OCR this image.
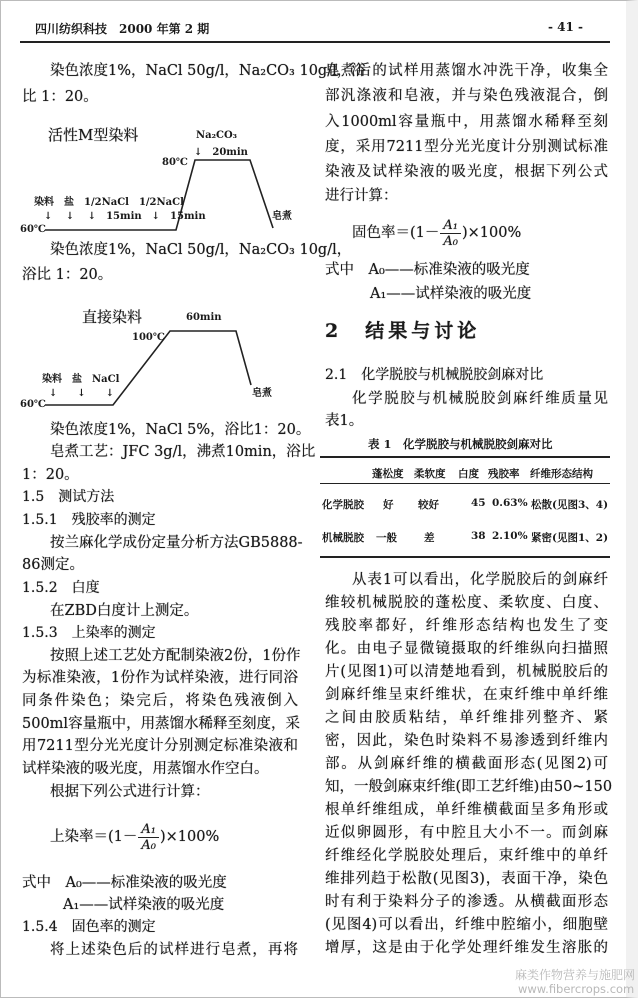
四川纺织科技　2000 年第 2 期	- 41 -
染色浓度1%，NaCl 50g/l，Na₂CO₃ 10g/l，浴
比 1：20。
活性M型染料	Na₂CO₃
↓　20min
80℃
60℃
染料　盐　1/2NaCl　1/2NaCl
↓　 ↓　 ↓　15min　↓　15min	皂煮
染色浓度1%，NaCl 50g/l，Na₂CO₃ 10g/l，
浴比 1：20。
直接染料	60min
100℃
60℃
染料　盐　NaCl
↓　　↓　　↓	皂煮
染色浓度1%，NaCl 5%，浴比1：20。
皂煮工艺：JFC 3g/l，沸煮10min，浴比
1：20。
1.5　测试方法
1.5.1　残胶率的测定
按兰麻化学成份定量分析方法GB5888-
86测定。
1.5.2　白度
在ZBD白度计上测定。
1.5.3　上染率的测定
按照上述工艺处方配制染液2份，1份作
为标准染液，1份作为试样染液，进行同浴
同条件染色；染完后，将染色残液倒入
500ml容量瓶中，用蒸馏水稀释至刻度，采
用7211型分光光度计分别测定标准染液和
试样染液的吸光度，用蒸馏水作空白。
根据下列公式进行计算：
上染率$=(1- \frac{\text{A₁}}{\text{A₀}} )\times 100\%$
式中　A₀——标准染液的吸光度
A₁——试样染液的吸光度
1.5.4　固色率的测定
将上述染色后的试样进行皂煮，再将
皂煮后的试样用蒸馏水冲洗干净，收集全
部汎涤液和皂液，并与染色残液混合，倒
入1000ml容量瓶中，用蒸馏水稀释至刻
度，采用7211型分光光度计分别测试标准
染液及试样染液的吸光度，根据下列公式
进行计算：
固色率$=(1- \frac{\text{A₁}}{\text{A₀}} )\times 100\%$
式中　A₀——标准染液的吸光度
A₁——试样染液的吸光度
2　结果与讨论
2.1　化学脱胶与机械脱胶剑麻对比
化学脱胶与机械脱胶剑麻纤维质量见
表1。
表 1　化学脱胶与机械脱胶剑麻对比
蓬松度 柔软度 白度 残胶率 纤维形态结构
化学脱胶 好 较好	45 0.63% 松散(见图3、4)
机械脱胶 一般	差	38 2.10% 紧密(见图1、2)
从表1可以看出，化学脱胶后的剑麻纤
维较机械脱胶的蓬松度、柔软度、白度、
残胶率都好，纤维形态结构也发生了变
化。由电子显微镜摄取的纤维纵向扫描照
片(见图1)可以清楚地看到，机械脱胶后的
剑麻纤维呈束纤维状，在束纤维中单纤维
之间由胶质粘结，单纤维排列整齐、紧
密，因此，染色时染料不易渗透到纤维内
部。从剑麻纤维的横截面形态(见图2)可
知，一般剑麻束纤维(即工艺纤维)由50~150
根单纤维组成，单纤维横截面呈多角形或
近似卵圆形，有中腔且大小不一。而剑麻
纤维经化学脱胶处理后，束纤维中的单纤
维排列趋于松散(见图3)，表面干净，染色
时有利于染料分子的渗透。从横截面形态
(见图4)可以看出，纤维中腔缩小，细胞壁
增厚，这是由于化学处理纤维发生溶胀的
麻类作物营养与施肥网
www.fibercrops.com
